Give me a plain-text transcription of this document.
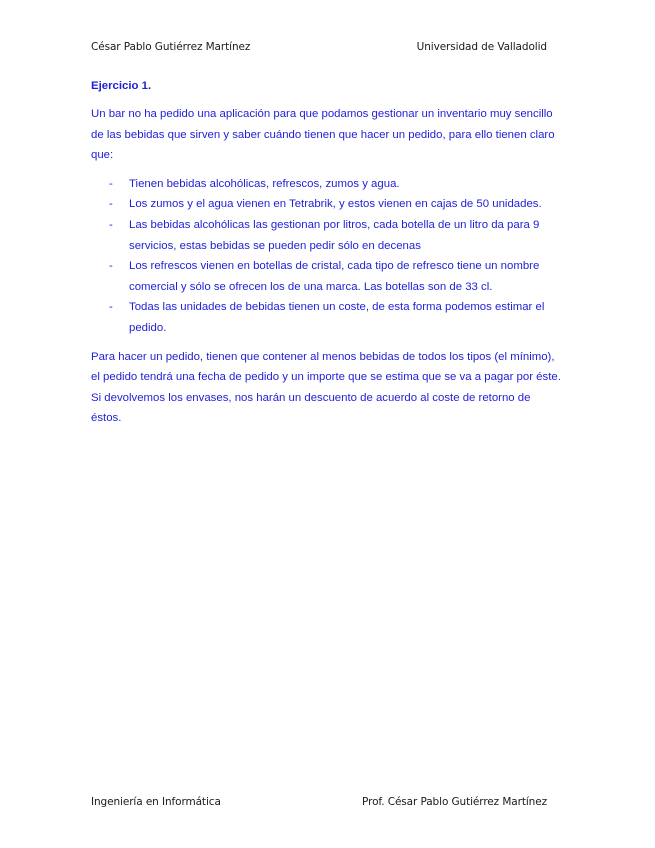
César Pablo Gutiérrez Martínez	Universidad de Valladolid

Ejercicio 1.

Un bar no ha pedido una aplicación para que podamos gestionar un inventario muy sencillo de las bebidas que sirven y saber cuándo tienen que hacer un pedido, para ello tienen claro que:

- Tienen bebidas alcohólicas, refrescos, zumos y agua.
- Los zumos y el agua vienen en Tetrabrik, y estos vienen en cajas de 50 unidades.
- Las bebidas alcohólicas las gestionan por litros, cada botella de un litro da para 9 servicios, estas bebidas se pueden pedir sólo en decenas
- Los refrescos vienen en botellas de cristal, cada tipo de refresco tiene un nombre comercial y sólo se ofrecen los de una marca. Las botellas son de 33 cl.
- Todas las unidades de bebidas tienen un coste, de esta forma podemos estimar el pedido.

Para hacer un pedido, tienen que contener al menos bebidas de todos los tipos (el mínimo), el pedido tendrá una fecha de pedido y un importe que se estima que se va a pagar por éste. Si devolvemos los envases, nos harán un descuento de acuerdo al coste de retorno de éstos.

Ingeniería en Informática	Prof. César Pablo Gutiérrez Martínez
